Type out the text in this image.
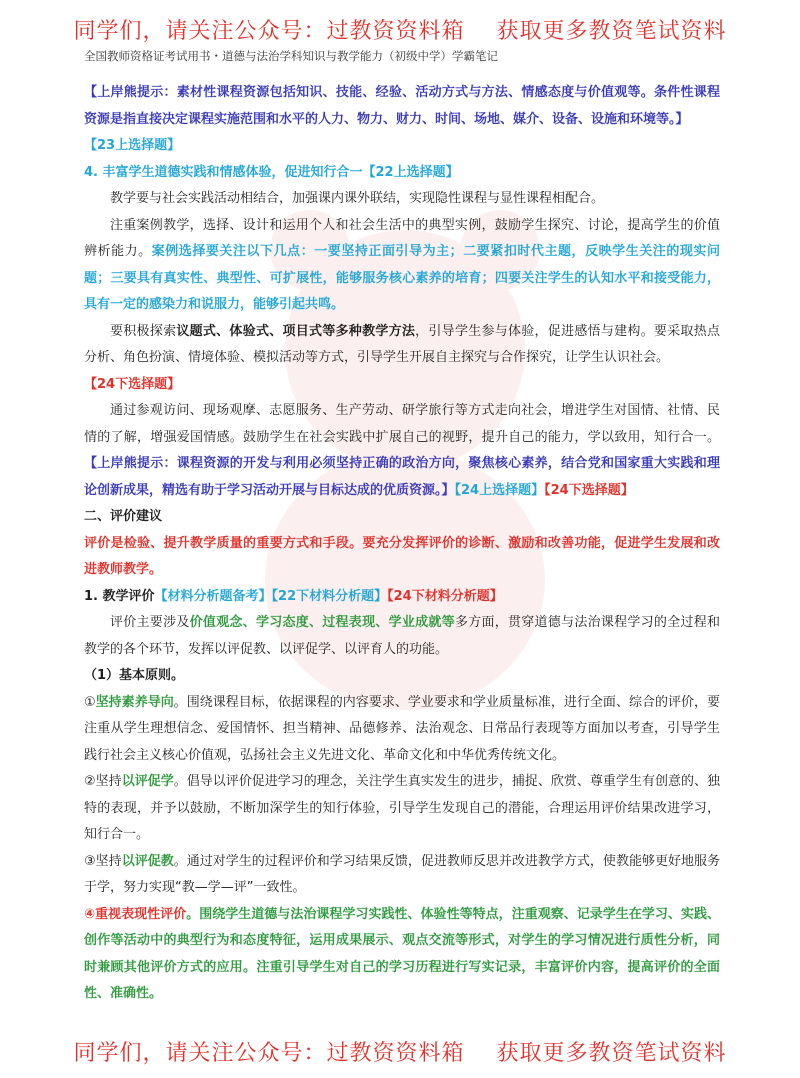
同学们，请关注公众号：过教资资料箱    获取更多教资笔试资料
全国教师资格证考试用书・道德与法治学科知识与教学能力（初级中学）学霸笔记

【上岸熊提示：素材性课程资源包括知识、技能、经验、活动方式与方法、情感态度与价值观等。条件性课程资源是指直接决定课程实施范围和水平的人力、物力、财力、时间、场地、媒介、设备、设施和环境等。】

【23上选择题】

4. 丰富学生道德实践和情感体验，促进知行合一【22上选择题】

教学要与社会实践活动相结合，加强课内课外联结，实现隐性课程与显性课程相配合。

注重案例教学，选择、设计和运用个人和社会生活中的典型实例，鼓励学生探究、讨论，提高学生的价值辨析能力。案例选择要关注以下几点：一要坚持正面引导为主；二要紧扣时代主题，反映学生关注的现实问题；三要具有真实性、典型性、可扩展性，能够服务核心素养的培育；四要关注学生的认知水平和接受能力，具有一定的感染力和说服力，能够引起共鸣。

要积极探索议题式、体验式、项目式等多种教学方法，引导学生参与体验，促进感悟与建构。要采取热点分析、角色扮演、情境体验、模拟活动等方式，引导学生开展自主探究与合作探究，让学生认识社会。

【24下选择题】

通过参观访问、现场观摩、志愿服务、生产劳动、研学旅行等方式走向社会，增进学生对国情、社情、民情的了解，增强爱国情感。鼓励学生在社会实践中扩展自己的视野，提升自己的能力，学以致用，知行合一。【上岸熊提示：课程资源的开发与利用必须坚持正确的政治方向，聚焦核心素养，结合党和国家重大实践和理论创新成果，精选有助于学习活动开展与目标达成的优质资源。】【24上选择题】【24下选择题】

二、评价建议

评价是检验、提升教学质量的重要方式和手段。要充分发挥评价的诊断、激励和改善功能，促进学生发展和改进教师教学。

1. 教学评价【材料分析题备考】【22下材料分析题】【24下材料分析题】

评价主要涉及价值观念、学习态度、过程表现、学业成就等多方面，贯穿道德与法治课程学习的全过程和教学的各个环节，发挥以评促教、以评促学、以评育人的功能。

（1）基本原则。

①坚持素养导向。围绕课程目标，依据课程的内容要求、学业要求和学业质量标准，进行全面、综合的评价，要注重从学生理想信念、爱国情怀、担当精神、品德修养、法治观念、日常品行表现等方面加以考查，引导学生践行社会主义核心价值观，弘扬社会主义先进文化、革命文化和中华优秀传统文化。

②坚持以评促学。倡导以评价促进学习的理念，关注学生真实发生的进步，捕捉、欣赏、尊重学生有创意的、独特的表现，并予以鼓励，不断加深学生的知行体验，引导学生发现自己的潜能，合理运用评价结果改进学习，知行合一。

③坚持以评促教。通过对学生的过程评价和学习结果反馈，促进教师反思并改进教学方式，使教能够更好地服务于学，努力实现“教—学—评”一致性。

④重视表现性评价。围绕学生道德与法治课程学习实践性、体验性等特点，注重观察、记录学生在学习、实践、创作等活动中的典型行为和态度特征，运用成果展示、观点交流等形式，对学生的学习情况进行质性分析，同时兼顾其他评价方式的应用。注重引导学生对自己的学习历程进行写实记录，丰富评价内容，提高评价的全面性、准确性。

同学们，请关注公众号：过教资资料箱    获取更多教资笔试资料
